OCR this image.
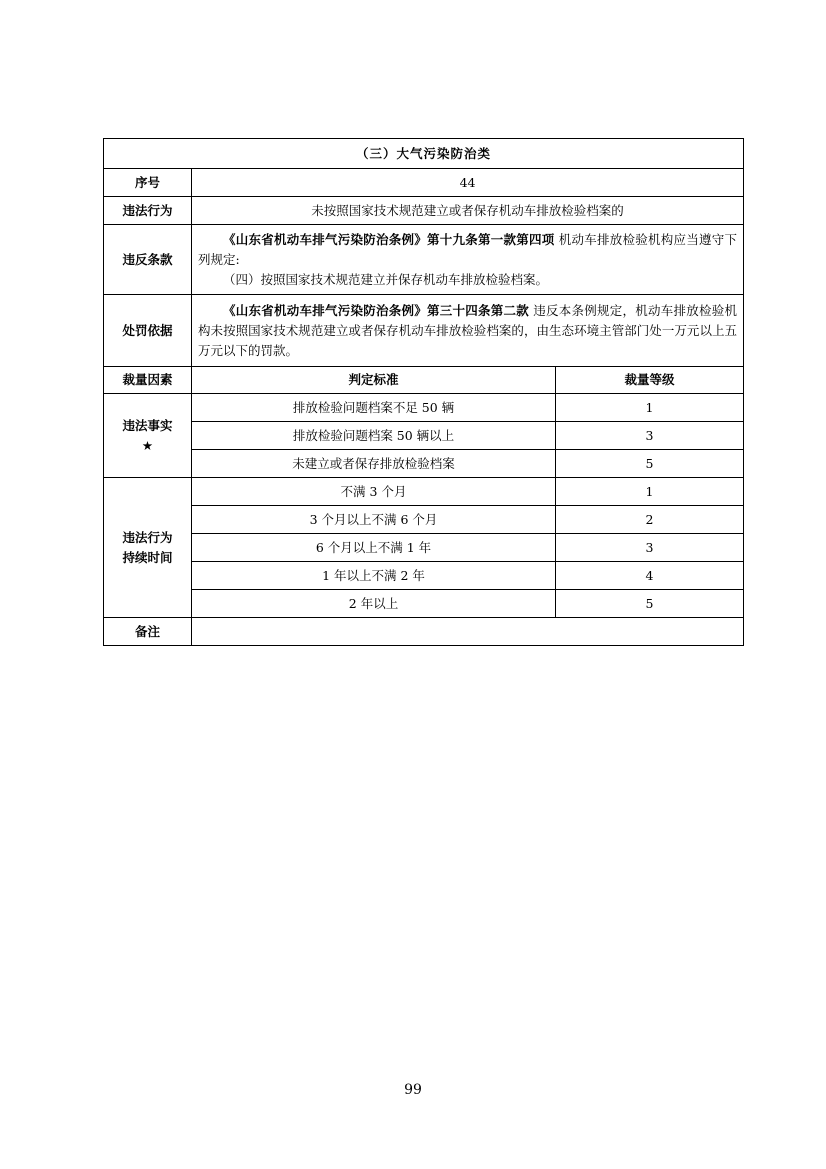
（三）大气污染防治类		
序号	44	
违法行为	未按照国家技术规范建立或者保存机动车排放检验档案的	
违反条款	《山东省机动车排气污染防治条例》第十九条第一款第四项 机动车排放检验机构应当遵守下列规定:

（四）按照国家技术规范建立并保存机动车排放检验档案。	

处罚依据	《山东省机动车排气污染防治条例》第三十四条第二款 违反本条例规定，机动车排放检验机构未按照国家技术规范建立或者保存机动车排放检验档案的，由生态环境主管部门处一万元以上五万元以下的罚款。	

裁量因素	判定标准	裁量等级

违法事实
★	排放检验问题档案不足 50 辆	1
	排放检验问题档案 50 辆以上	3
	未建立或者保存排放检验档案	5

违法行为
持续时间	不满 3 个月	1
	3 个月以上不满 6 个月	2
	6 个月以上不满 1 年	3
	1 年以上不满 2 年	4
	2 年以上	5
备注		
99
